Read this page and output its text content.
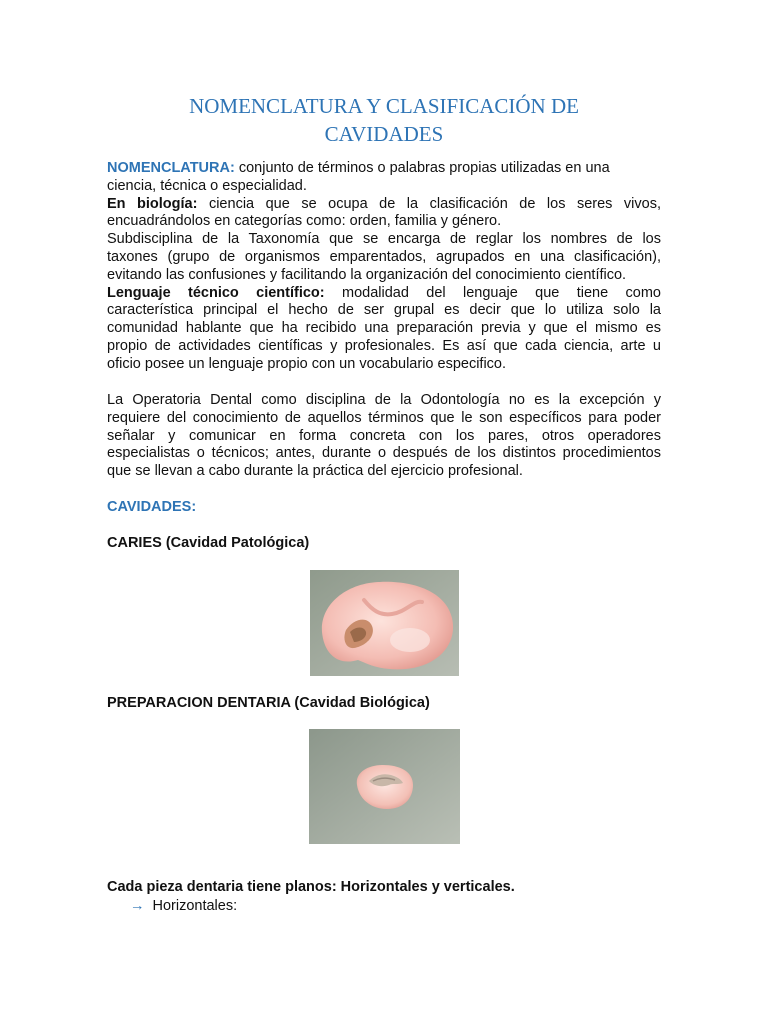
NOMENCLATURA Y CLASIFICACIÓN DE
CAVIDADES
NOMENCLATURA: conjunto de términos o palabras propias utilizadas en una
ciencia, técnica o especialidad.
En biología: ciencia que se ocupa de la clasificación de los seres vivos,
encuadrándolos en categorías como: orden, familia y género.
Subdisciplina de la Taxonomía que se encarga de reglar los nombres de los
taxones (grupo de organismos emparentados, agrupados en una clasificación),
evitando las confusiones y facilitando la organización del conocimiento científico.
Lenguaje técnico científico: modalidad del lenguaje que tiene como
característica principal el hecho de ser grupal es decir que lo utiliza solo la
comunidad hablante que ha recibido una preparación previa y que el mismo es
propio de actividades científicas y profesionales. Es así que cada ciencia, arte u
oficio posee un lenguaje propio con un vocabulario especifico.
La Operatoria Dental como disciplina de la Odontología no es la excepción y
requiere del conocimiento de aquellos términos que le son específicos para poder
señalar y comunicar en forma concreta con los pares, otros operadores
especialistas o técnicos; antes, durante o después de los distintos procedimientos
que se llevan a cabo durante la práctica del ejercicio profesional.
CAVIDADES:
CARIES (Cavidad Patológica)
PREPARACION DENTARIA (Cavidad Biológica)
Cada pieza dentaria tiene planos: Horizontales y verticales.
→ Horizontales:
